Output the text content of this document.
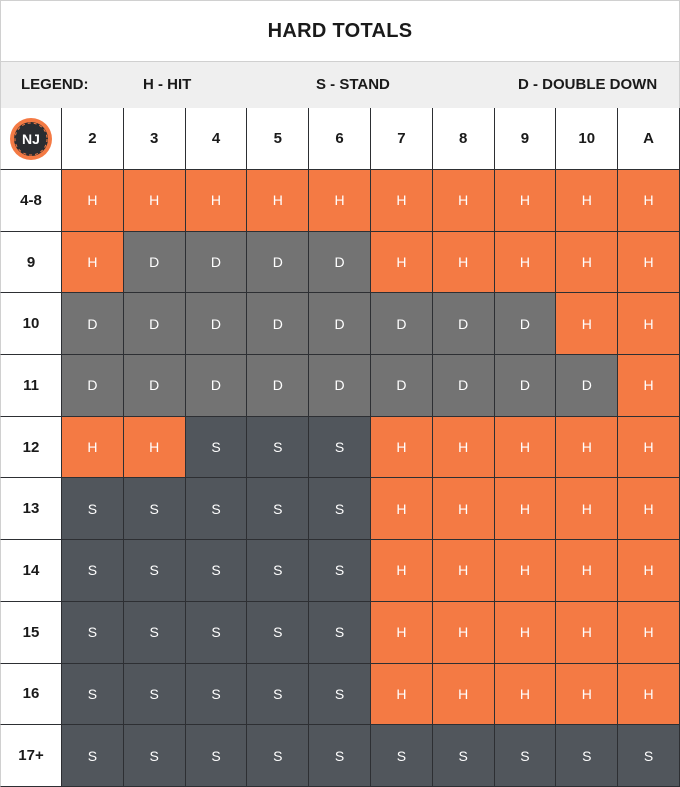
HARD TOTALS
LEGEND:	H - HIT	S - STAND	D - DOUBLE DOWN
NJ	2	3	4	5	6	7	8	9	10	A
4-8	H	H	H	H	H	H	H	H	H	H
9	H	D	D	D	D	H	H	H	H	H
10	D	D	D	D	D	D	D	D	H	H
11	D	D	D	D	D	D	D	D	D	H
12	H	H	S	S	S	H	H	H	H	H
13	S	S	S	S	S	H	H	H	H	H
14	S	S	S	S	S	H	H	H	H	H
15	S	S	S	S	S	H	H	H	H	H
16	S	S	S	S	S	H	H	H	H	H
17+	S	S	S	S	S	S	S	S	S	S
